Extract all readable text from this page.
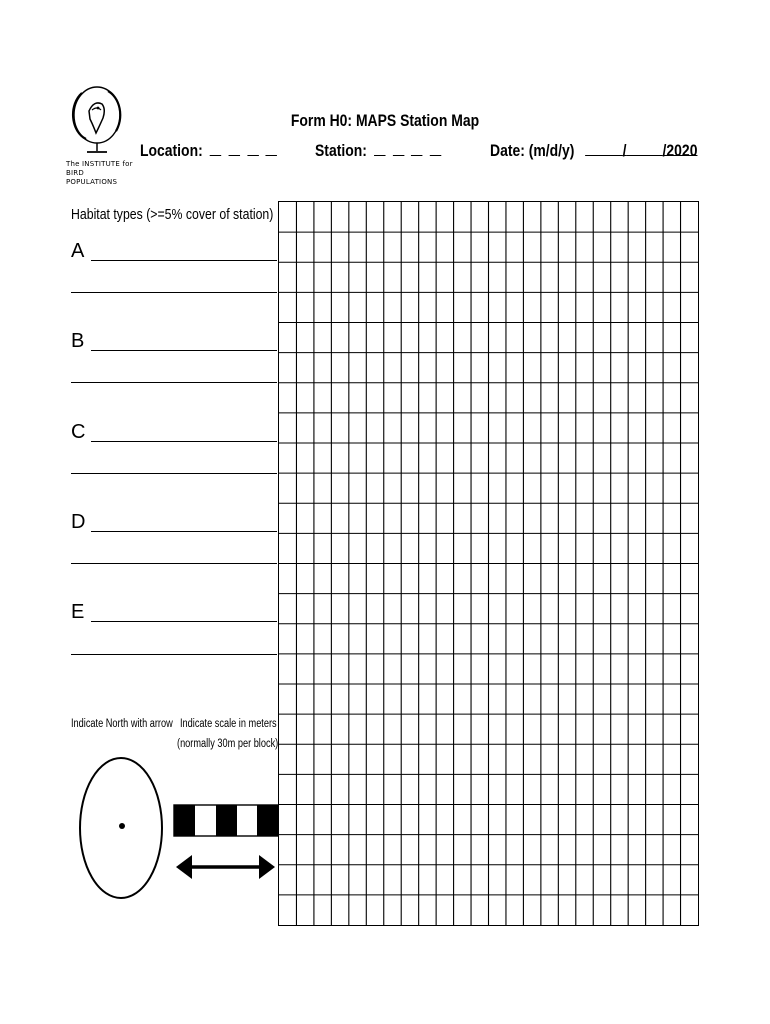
The INSTITUTE for
BIRD POPULATIONS
Form H0: MAPS Station Map
Location:	Station:	Date: (m/d/y)	/ /2020
Habitat types (>=5% cover of station)
A
B
C
D
E
Indicate North with arrow Indicate scale in meters
(normally 30m per block)
